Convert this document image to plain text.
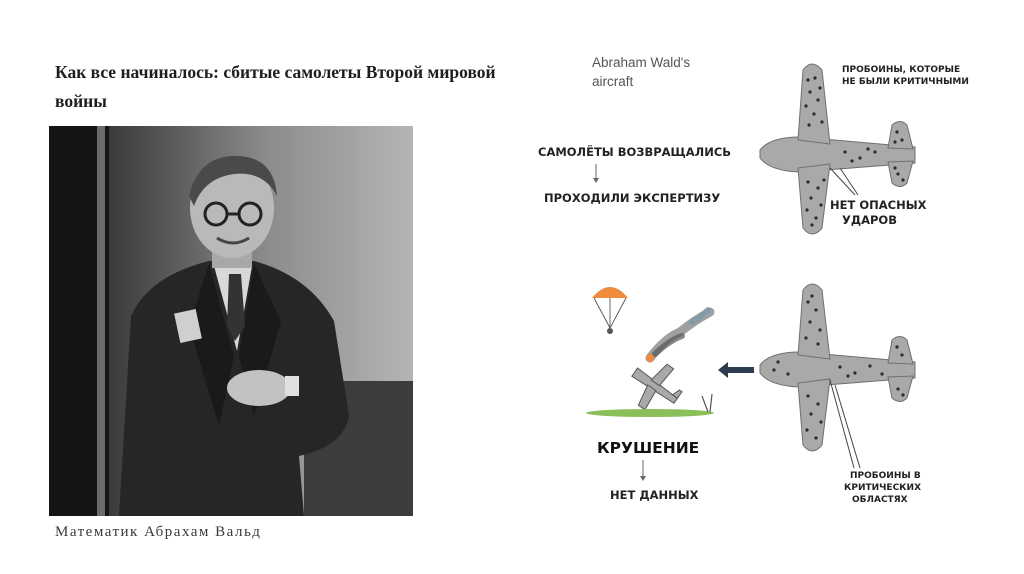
Как все начиналось: сбитые самолеты Второй мировой войны
Математик Абрахам Вальд
Abraham Wald's
aircraft
ПРОБОИНЫ, КОТОРЫЕ
НЕ БЫЛИ КРИТИЧНЫМИ
САМОЛЁТЫ ВОЗВРАЩАЛИСЬ
ПРОХОДИЛИ ЭКСПЕРТИЗУ	НЕТ ОПАСНЫХ
УДАРОВ
КРУШЕНИЕ
НЕТ ДАННЫХ
ПРОБОИНЫ В
КРИТИЧЕСКИХ
ОБЛАСТЯХ
